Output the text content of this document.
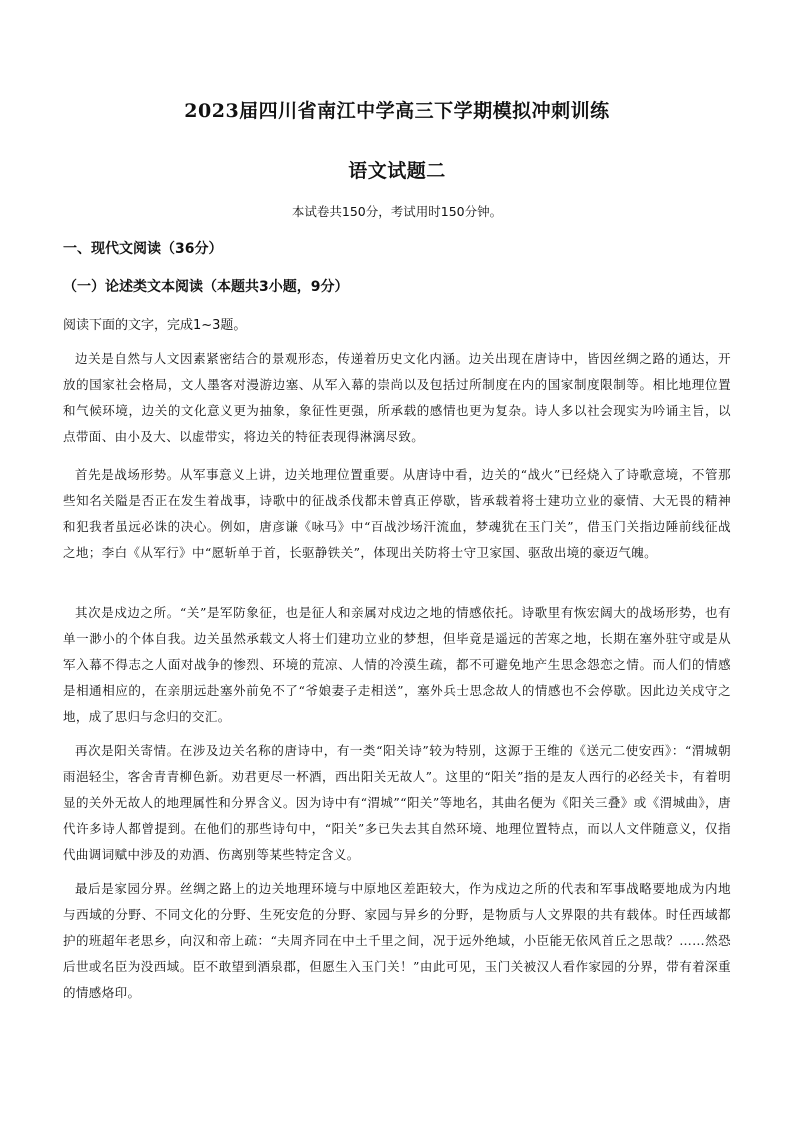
2023届四川省南江中学高三下学期模拟冲刺训练
语文试题二

本试卷共150分，考试用时150分钟。

一、现代文阅读（36分）

（一）论述类文本阅读（本题共3小题，9分）

阅读下面的文字，完成1~3题。

边关是自然与人文因素紧密结合的景观形态，传递着历史文化内涵。边关出现在唐诗中，皆因丝绸之路的通达，开放的国家社会格局，文人墨客对漫游边塞、从军入幕的崇尚以及包括过所制度在内的国家制度限制等。相比地理位置和气候环境，边关的文化意义更为抽象，象征性更强，所承载的感情也更为复杂。诗人多以社会现实为吟诵主旨，以点带面、由小及大、以虚带实，将边关的特征表现得淋漓尽致。

首先是战场形势。从军事意义上讲，边关地理位置重要。从唐诗中看，边关的“战火”已经烧入了诗歌意境，不管那些知名关隘是否正在发生着战事，诗歌中的征战杀伐都未曾真正停歇，皆承载着将士建功立业的豪情、大无畏的精神和犯我者虽远必诛的决心。例如，唐彦谦《咏马》中“百战沙场汗流血，梦魂犹在玉门关”，借玉门关指边陲前线征战之地；李白《从军行》中“愿斩单于首，长驱静铁关”，体现出关防将士守卫家国、驱敌出境的豪迈气魄。

其次是戍边之所。“关”是军防象征，也是征人和亲属对戍边之地的情感依托。诗歌里有恢宏阔大的战场形势，也有单一渺小的个体自我。边关虽然承载文人将士们建功立业的梦想，但毕竟是遥远的苦寒之地，长期在塞外驻守或是从军入幕不得志之人面对战争的惨烈、环境的荒凉、人情的冷漠生疏，都不可避免地产生思念怨恋之情。而人们的情感是相通相应的，在亲朋远赴塞外前免不了“爷娘妻子走相送”，塞外兵士思念故人的情感也不会停歇。因此边关戍守之地，成了思归与念归的交汇。

再次是阳关寄情。在涉及边关名称的唐诗中，有一类“阳关诗”较为特别，这源于王维的《送元二使安西》：“渭城朝雨浥轻尘，客舍青青柳色新。劝君更尽一杯酒，西出阳关无故人”。这里的“阳关”指的是友人西行的必经关卡，有着明显的关外无故人的地理属性和分界含义。因为诗中有“渭城”“阳关”等地名，其曲名便为《阳关三叠》或《渭城曲》，唐代许多诗人都曾提到。在他们的那些诗句中，“阳关”多已失去其自然环境、地理位置特点，而以人文伴随意义，仅指代曲调词赋中涉及的劝酒、伤离别等某些特定含义。

最后是家园分界。丝绸之路上的边关地理环境与中原地区差距较大，作为戍边之所的代表和军事战略要地成为内地与西域的分野、不同文化的分野、生死安危的分野、家园与异乡的分野，是物质与人文界限的共有载体。时任西域都护的班超年老思乡，向汉和帝上疏：“夫周齐同在中土千里之间，况于远外绝域，小臣能无依风首丘之思哉？……然恐后世或名臣为没西域。臣不敢望到酒泉郡，但愿生入玉门关！”由此可见，玉门关被汉人看作家园的分界，带有着深重的情感烙印。
